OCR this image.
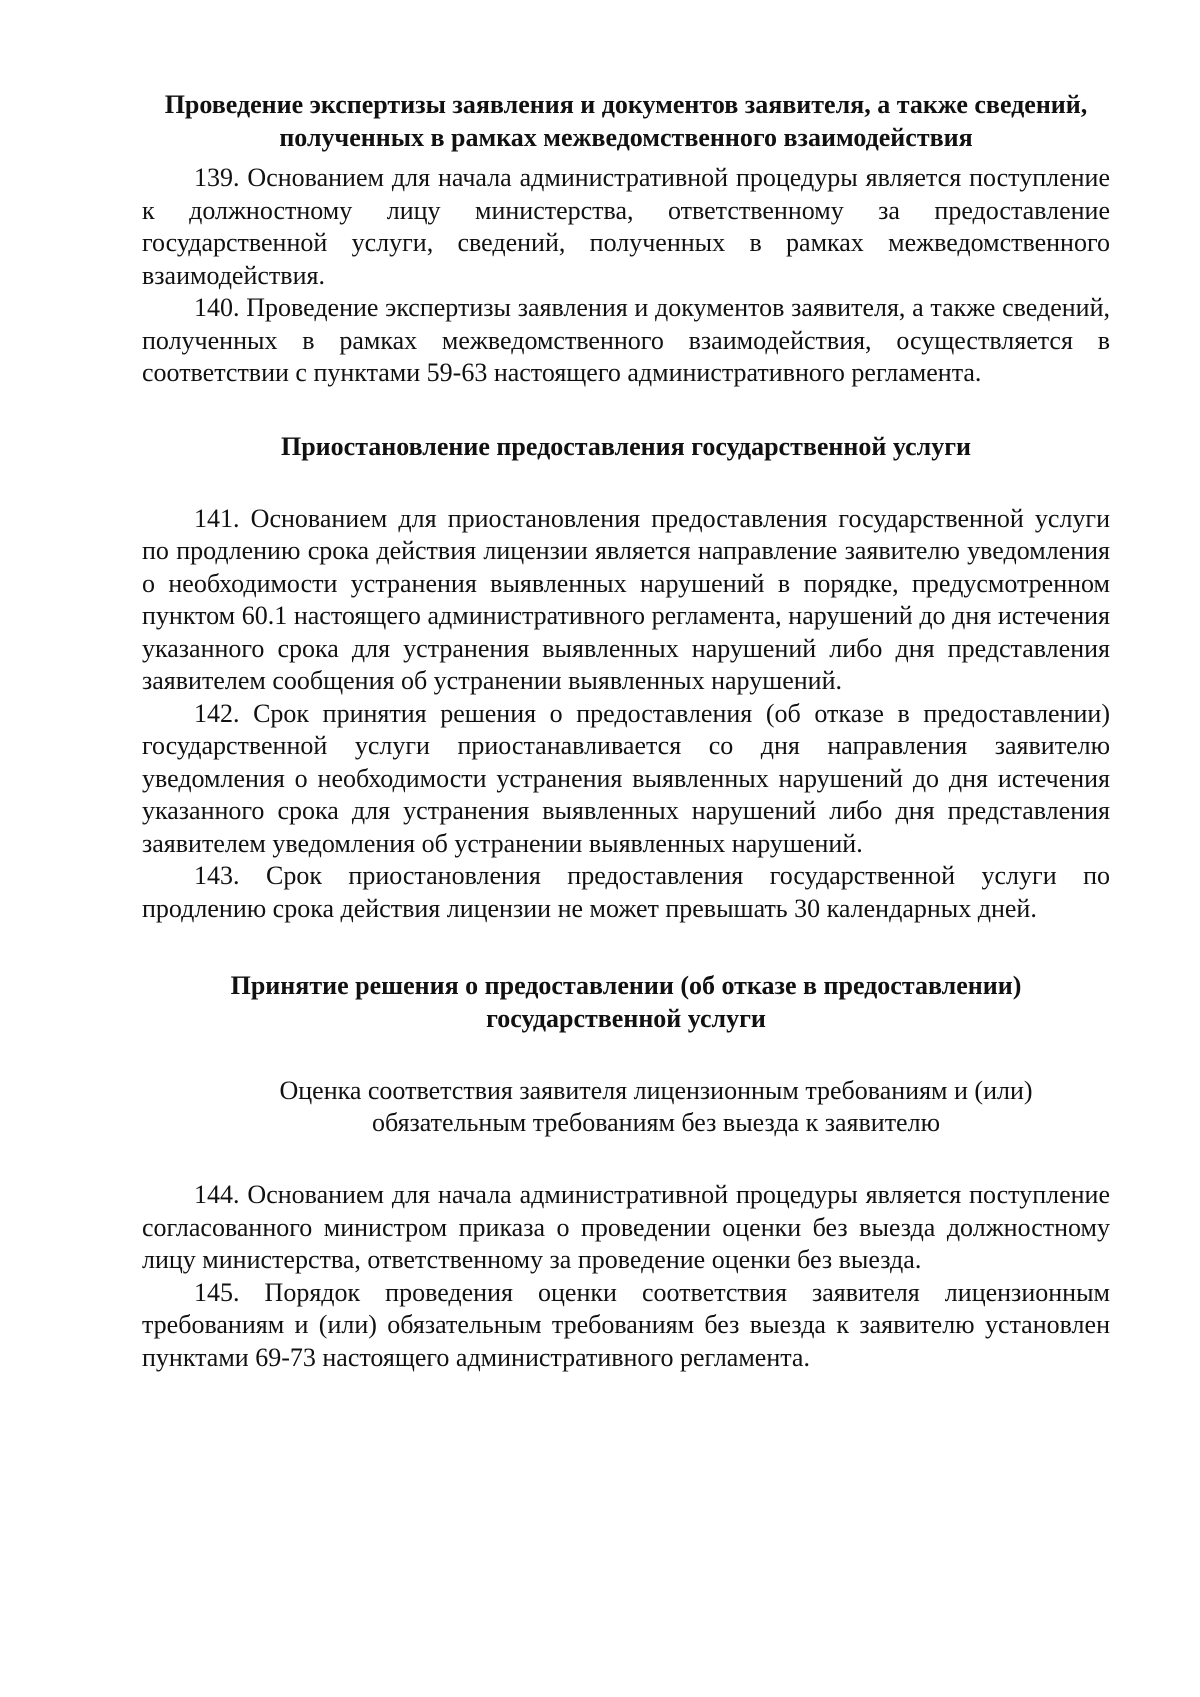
Проведение экспертизы заявления и документов заявителя, а также сведений, полученных в рамках межведомственного взаимодействия

139. Основанием для начала административной процедуры является поступление к должностному лицу министерства, ответственному за предоставление государственной услуги, сведений, полученных в рамках межведомственного взаимодействия.

140. Проведение экспертизы заявления и документов заявителя, а также сведений, полученных в рамках межведомственного взаимодействия, осуществляется в соответствии с пунктами 59-63 настоящего административного регламента.

Приостановление предоставления государственной услуги

141. Основанием для приостановления предоставления государственной услуги по продлению срока действия лицензии является направление заявителю уведомления о необходимости устранения выявленных нарушений в порядке, предусмотренном пунктом 60.1 настоящего административного регламента, нарушений до дня истечения указанного срока для устранения выявленных нарушений либо дня представления заявителем сообщения об устранении выявленных нарушений.

142. Срок принятия решения о предоставления (об отказе в предоставлении) государственной услуги приостанавливается со дня направления заявителю уведомления о необходимости устранения выявленных нарушений до дня истечения указанного срока для устранения выявленных нарушений либо дня представления заявителем уведомления об устранении выявленных нарушений.

143. Срок приостановления предоставления государственной услуги по продлению срока действия лицензии не может превышать 30 календарных дней.

Принятие решения о предоставлении (об отказе в предоставлении) государственной услуги

Оценка соответствия заявителя лицензионным требованиям и (или) обязательным требованиям без выезда к заявителю

144. Основанием для начала административной процедуры является поступление согласованного министром приказа о проведении оценки без выезда должностному лицу министерства, ответственному за проведение оценки без выезда.

145. Порядок проведения оценки соответствия заявителя лицензионным требованиям и (или) обязательным требованиям без выезда к заявителю установлен пунктами 69-73 настоящего административного регламента.
